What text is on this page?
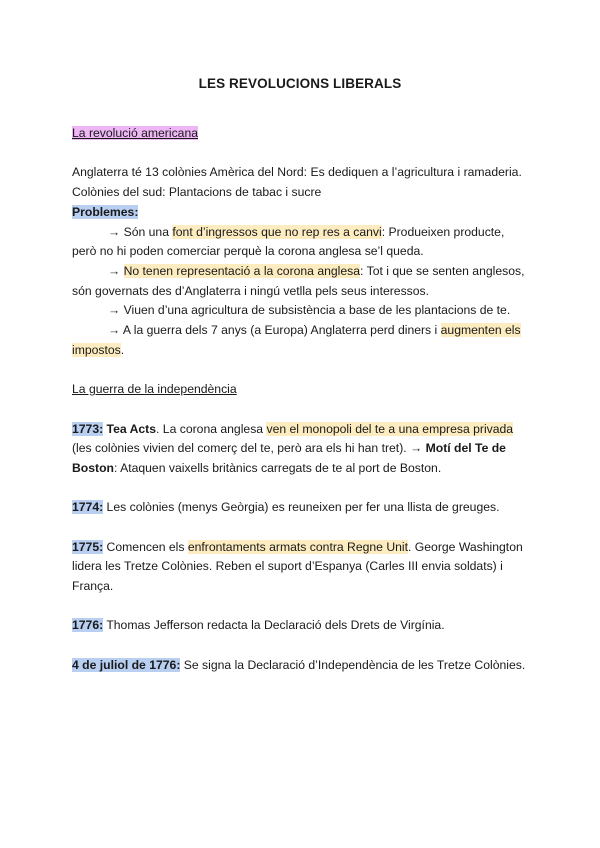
LES REVOLUCIONS LIBERALS

La revolució americana

Anglaterra té 13 colònies Amèrica del Nord: Es dediquen a l’agricultura i ramaderia.

Colònies del sud: Plantacions de tabac i sucre

Problemes:

→ Són una font d’ingressos que no rep res a canvi: Produeixen producte, però no hi poden comerciar perquè la corona anglesa se’l queda.

→ No tenen representació a la corona anglesa: Tot i que se senten anglesos, són governats des d’Anglaterra i ningú vetlla pels seus interessos.

→ Viuen d’una agricultura de subsistència a base de les plantacions de te.

→ A la guerra dels 7 anys (a Europa) Anglaterra perd diners i augmenten els impostos.

La guerra de la independència

1773: Tea Acts. La corona anglesa ven el monopoli del te a una empresa privada (les colònies vivien del comerç del te, però ara els hi han tret). → Motí del Te de Boston: Ataquen vaixells britànics carregats de te al port de Boston.

1774: Les colònies (menys Geòrgia) es reuneixen per fer una llista de greuges.

1775: Comencen els enfrontaments armats contra Regne Unit. George Washington lidera les Tretze Colònies. Reben el suport d’Espanya (Carles III envia soldats) i França.

1776: Thomas Jefferson redacta la Declaració dels Drets de Virgínia.

4 de juliol de 1776: Se signa la Declaració d’Independència de les Tretze Colònies.
